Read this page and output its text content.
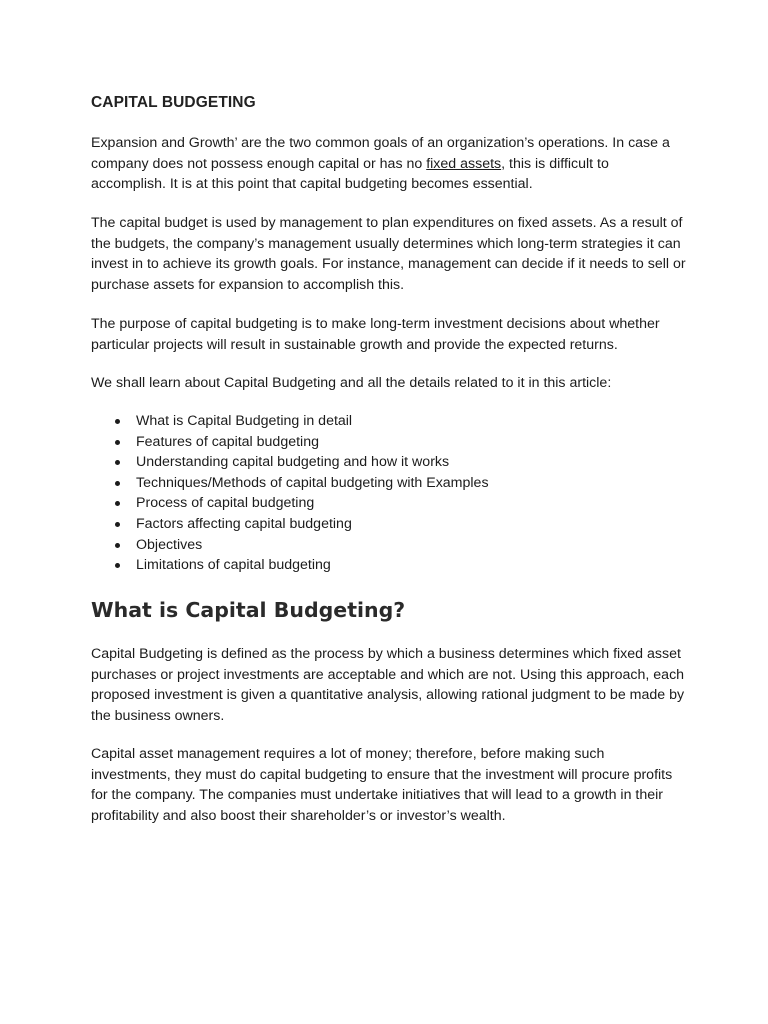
CAPITAL BUDGETING

Expansion and Growth’ are the two common goals of an organization’s operations. In case a company does not possess enough capital or has no fixed assets, this is difficult to accomplish. It is at this point that capital budgeting becomes essential.

The capital budget is used by management to plan expenditures on fixed assets. As a result of the budgets, the company’s management usually determines which long-term strategies it can invest in to achieve its growth goals. For instance, management can decide if it needs to sell or purchase assets for expansion to accomplish this.

The purpose of capital budgeting is to make long-term investment decisions about whether particular projects will result in sustainable growth and provide the expected returns.

We shall learn about Capital Budgeting and all the details related to it in this article:

What is Capital Budgeting in detail
Features of capital budgeting
Understanding capital budgeting and how it works
Techniques/Methods of capital budgeting with Examples
Process of capital budgeting
Factors affecting capital budgeting
Objectives
Limitations of capital budgeting
What is Capital Budgeting?

Capital Budgeting is defined as the process by which a business determines which fixed asset purchases or project investments are acceptable and which are not. Using this approach, each proposed investment is given a quantitative analysis, allowing rational judgment to be made by the business owners.

Capital asset management requires a lot of money; therefore, before making such investments, they must do capital budgeting to ensure that the investment will procure profits for the company. The companies must undertake initiatives that will lead to a growth in their profitability and also boost their shareholder’s or investor’s wealth.
